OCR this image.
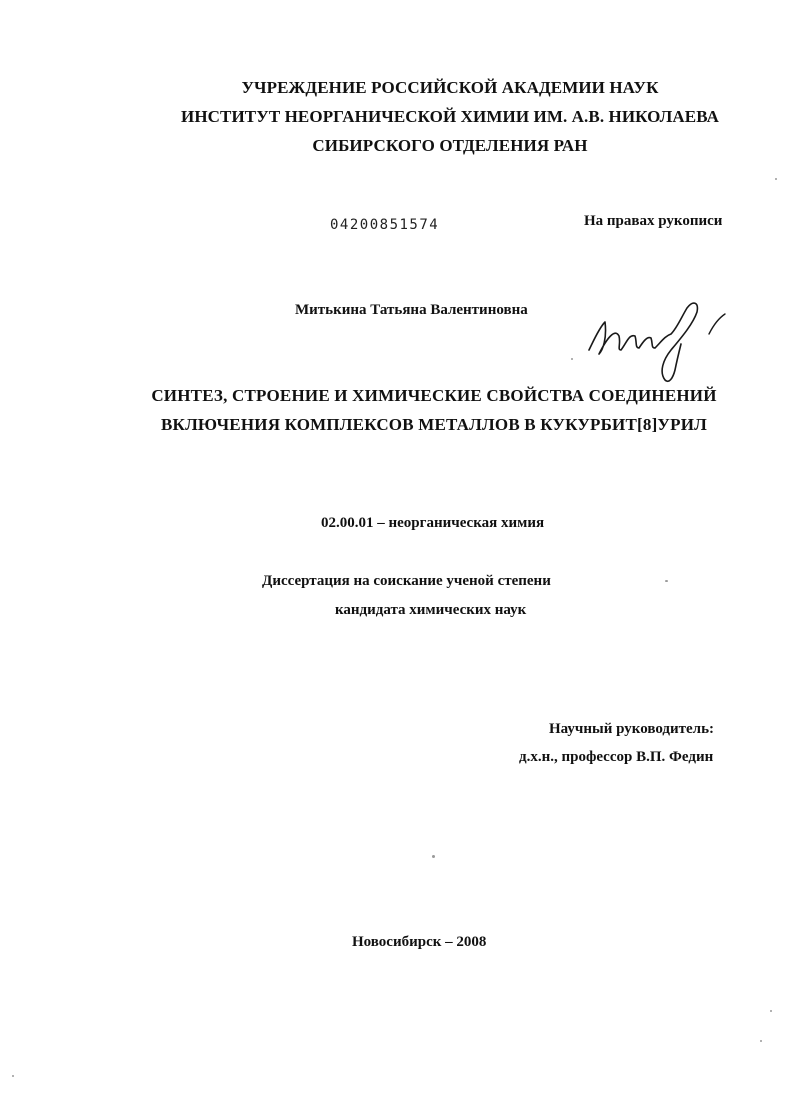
УЧРЕЖДЕНИЕ РОССИЙСКОЙ АКАДЕМИИ НАУК
ИНСТИТУТ НЕОРГАНИЧЕСКОЙ ХИМИИ ИМ. А.В. НИКОЛАЕВА
СИБИРСКОГО ОТДЕЛЕНИЯ РАН
04200851574	На правах рукописи
Митькина Татьяна Валентиновна
СИНТЕЗ, СТРОЕНИЕ И ХИМИЧЕСКИЕ СВОЙСТВА СОЕДИНЕНИЙ
ВКЛЮЧЕНИЯ КОМПЛЕКСОВ МЕТАЛЛОВ В КУКУРБИТ[8]УРИЛ
02.00.01 – неорганическая химия
Диссертация на соискание ученой степени
кандидата химических наук
Научный руководитель:
д.х.н., профессор В.П. Федин
Новосибирск – 2008
